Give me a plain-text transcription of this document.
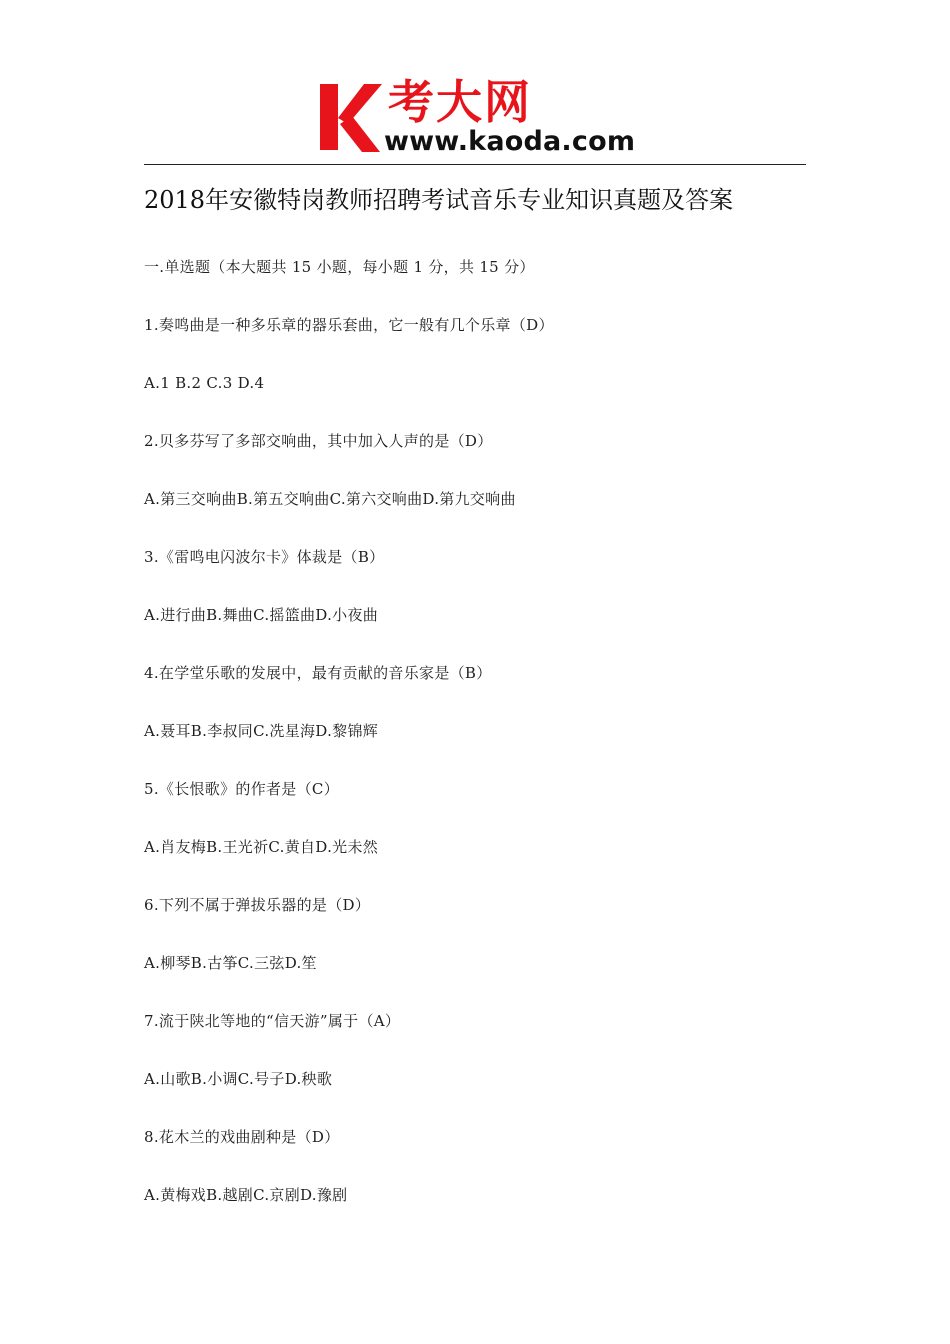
考大网
www.kaoda.com
2018年安徽特岗教师招聘考试音乐专业知识真题及答案
一.单选题（本大题共 15 小题，每小题 1 分，共 15 分）
1.奏鸣曲是一种多乐章的器乐套曲，它一般有几个乐章（D）
A.1 B.2 C.3 D.4
2.贝多芬写了多部交响曲，其中加入人声的是（D）
A.第三交响曲B.第五交响曲C.第六交响曲D.第九交响曲
3.《雷鸣电闪波尔卡》体裁是（B）
A.进行曲B.舞曲C.摇篮曲D.小夜曲
4.在学堂乐歌的发展中，最有贡献的音乐家是（B）
A.聂耳B.李叔同C.冼星海D.黎锦辉
5.《长恨歌》的作者是（C）
A.肖友梅B.王光祈C.黄自D.光未然
6.下列不属于弹拔乐器的是（D）
A.柳琴B.古筝C.三弦D.笙
7.流于陕北等地的“信天游”属于（A）
A.山歌B.小调C.号子D.秧歌
8.花木兰的戏曲剧种是（D）
A.黄梅戏B.越剧C.京剧D.豫剧
